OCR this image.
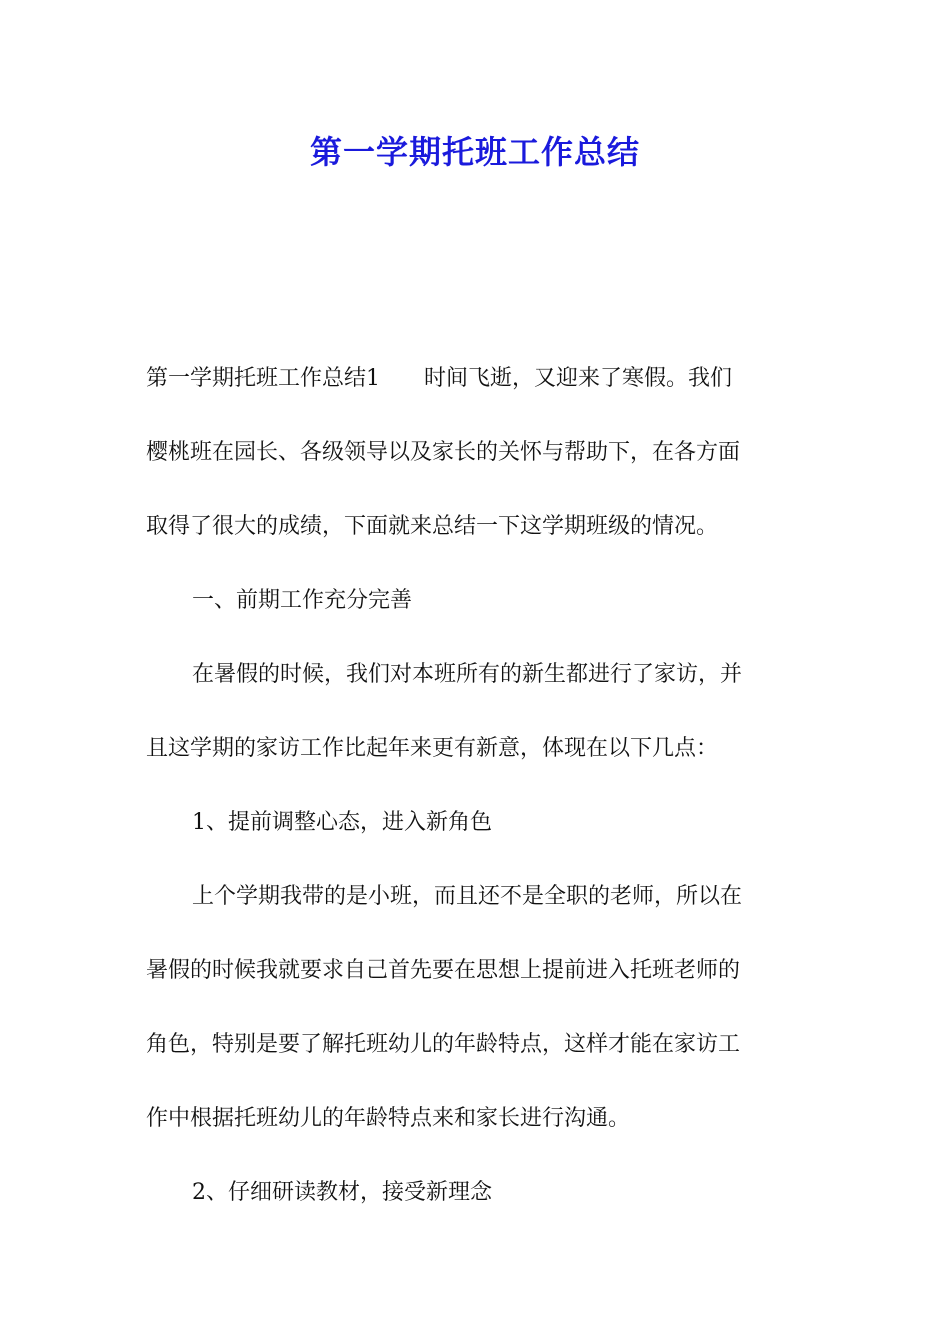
第一学期托班工作总结
第一学期托班工作总结1　　时间飞逝，又迎来了寒假。我们
樱桃班在园长、各级领导以及家长的关怀与帮助下，在各方面
取得了很大的成绩，下面就来总结一下这学期班级的情况。
一、前期工作充分完善
在暑假的时候，我们对本班所有的新生都进行了家访，并
且这学期的家访工作比起年来更有新意，体现在以下几点：
1、提前调整心态，进入新角色
上个学期我带的是小班，而且还不是全职的老师，所以在
暑假的时候我就要求自己首先要在思想上提前进入托班老师的
角色，特别是要了解托班幼儿的年龄特点，这样才能在家访工
作中根据托班幼儿的年龄特点来和家长进行沟通。
2、仔细研读教材，接受新理念
